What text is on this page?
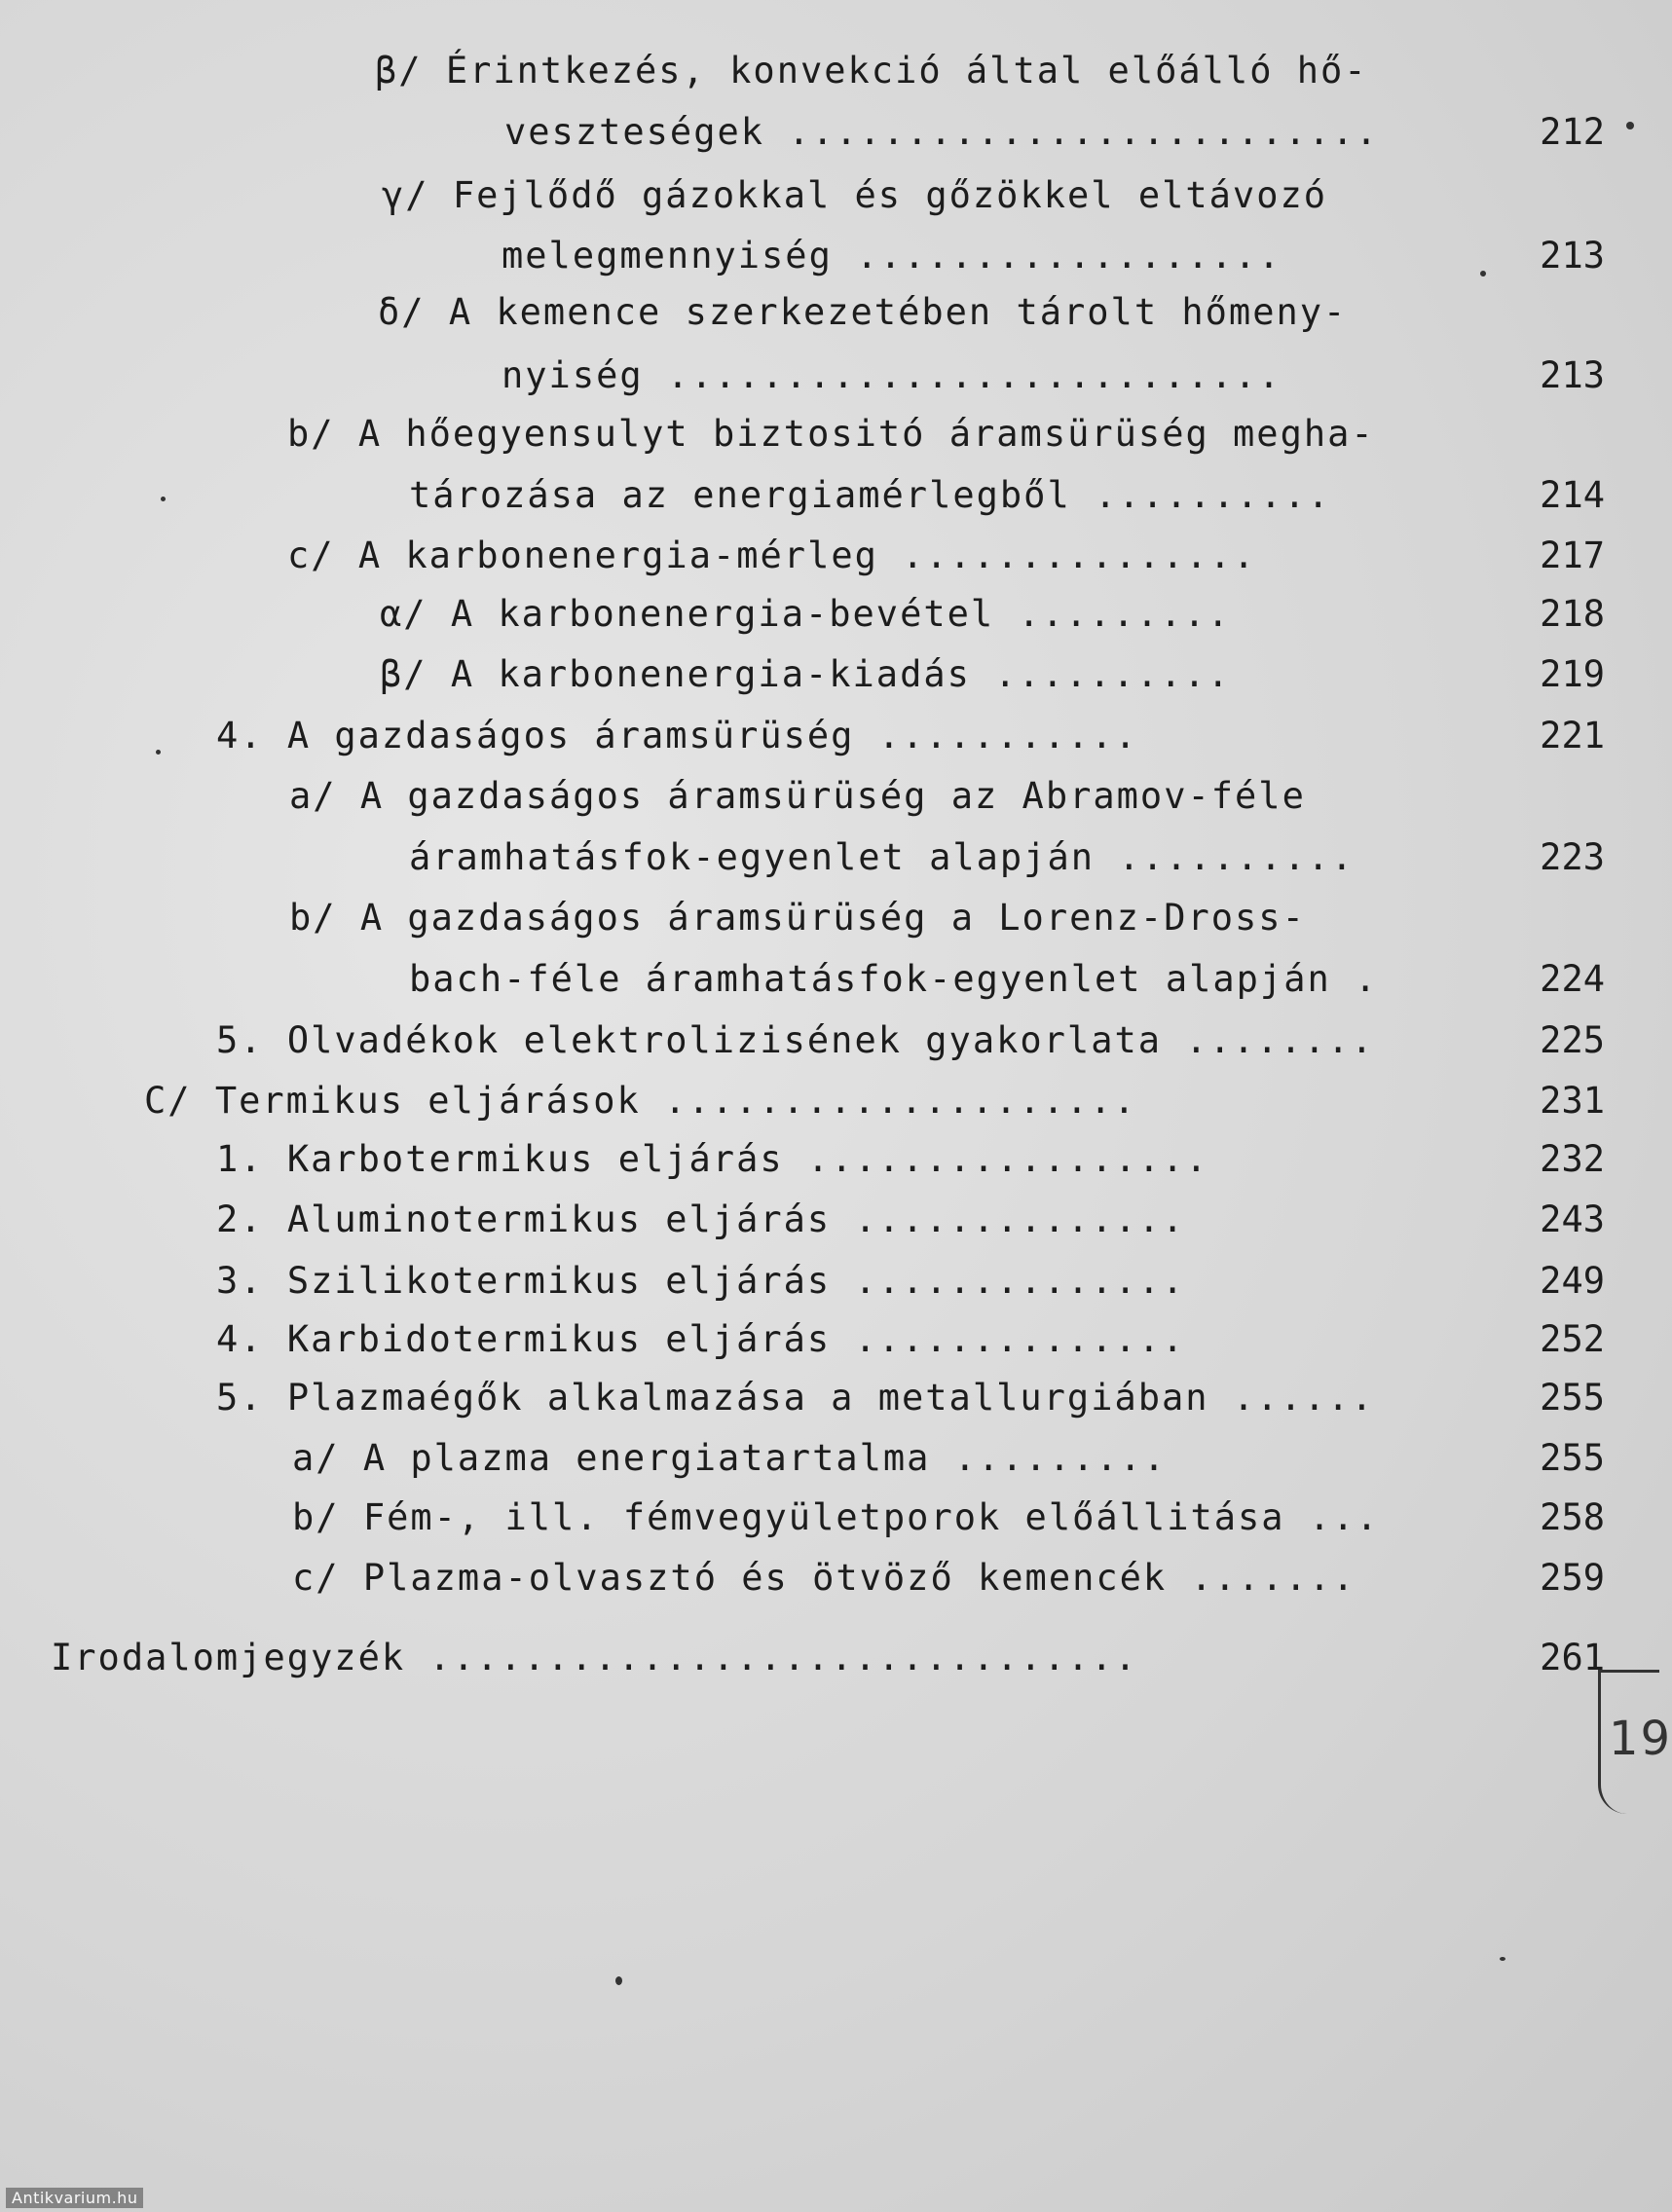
β/ Érintkezés, konvekció által előálló hő-
veszteségek .........................	212
γ/ Fejlődő gázokkal és gőzökkel eltávozó
melegmennyiség ..................	213
δ/ A kemence szerkezetében tárolt hőmeny-
nyiség ..........................	213
b/ A hőegyensulyt biztositó áramsürüség megha-
tározása az energiamérlegből ..........	214
c/ A karbonenergia-mérleg ...............	217
α/ A karbonenergia-bevétel .........	218
β/ A karbonenergia-kiadás ..........	219
4. A gazdaságos áramsürüség ...........	221
a/ A gazdaságos áramsürüség az Abramov-féle
áramhatásfok-egyenlet alapján ..........	223
b/ A gazdaságos áramsürüség a Lorenz-Dross-
bach-féle áramhatásfok-egyenlet alapján .	224
5. Olvadékok elektrolizisének gyakorlata ........	225
C/ Termikus eljárások ....................	231
1. Karbotermikus eljárás .................	232
2. Aluminotermikus eljárás ..............	243
3. Szilikotermikus eljárás ..............	249
4. Karbidotermikus eljárás ..............	252
5. Plazmaégők alkalmazása a metallurgiában ......	255
a/ A plazma energiatartalma .........	255
b/ Fém-, ill. fémvegyületporok előállitása ...	258
c/ Plazma-olvasztó és ötvöző kemencék .......	259
Irodalomjegyzék ..............................	261
19
Antikvarium.hu
